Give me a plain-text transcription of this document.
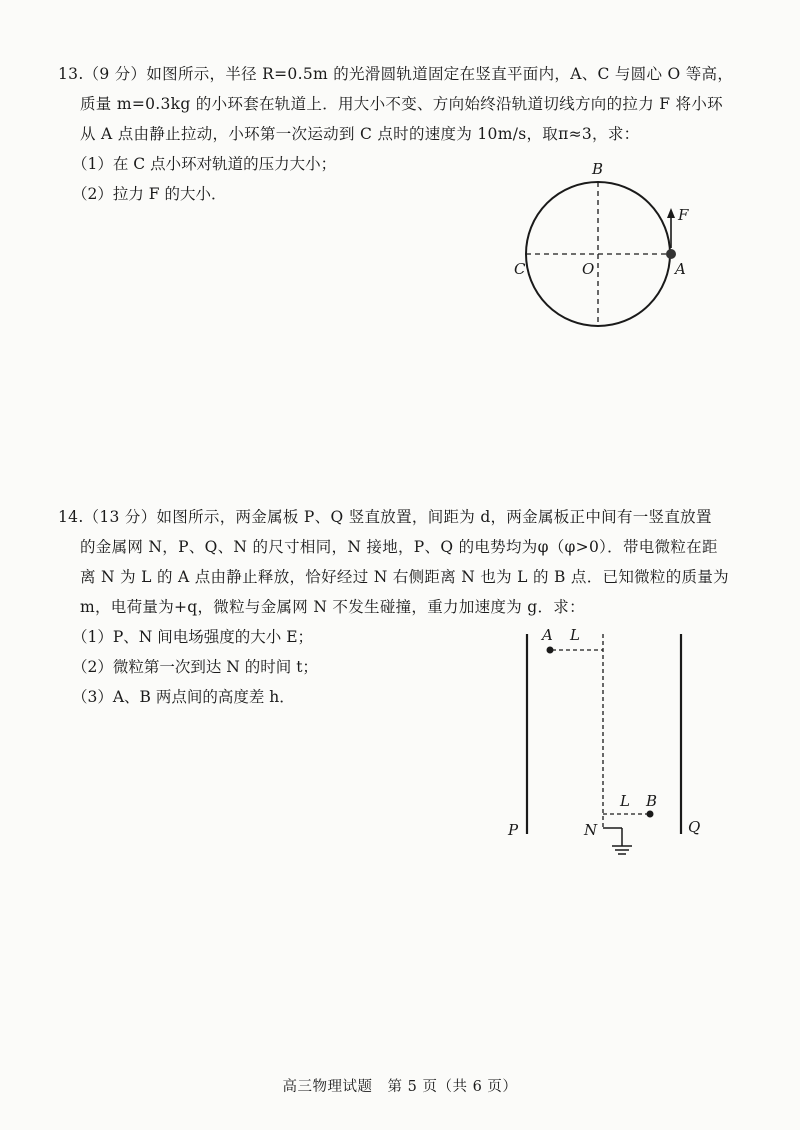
13.（9 分）如图所示，半径 R=0.5m 的光滑圆轨道固定在竖直平面内，A、C 与圆心 O 等高，
质量 m=0.3kg 的小环套在轨道上．用大小不变、方向始终沿轨道切线方向的拉力 F 将小环
从 A 点由静止拉动，小环第一次运动到 C 点时的速度为 10m/s，取π≈3，求：
（1）在 C 点小环对轨道的压力大小；
（2）拉力 F 的大小．
B
F
C	O	A
14.（13 分）如图所示，两金属板 P、Q 竖直放置，间距为 d，两金属板正中间有一竖直放置
的金属网 N，P、Q、N 的尺寸相同，N 接地，P、Q 的电势均为φ（φ>0）．带电微粒在距
离 N 为 L 的 A 点由静止释放，恰好经过 N 右侧距离 N 也为 L 的 B 点．已知微粒的质量为
m，电荷量为+q，微粒与金属网 N 不发生碰撞，重力加速度为 g．求：
（1）P、N 间电场强度的大小 E；
（2）微粒第一次到达 N 的时间 t；
（3）A、B 两点间的高度差 h．
A L
L B
P	N	Q
高三物理试题　第 5 页（共 6 页）
